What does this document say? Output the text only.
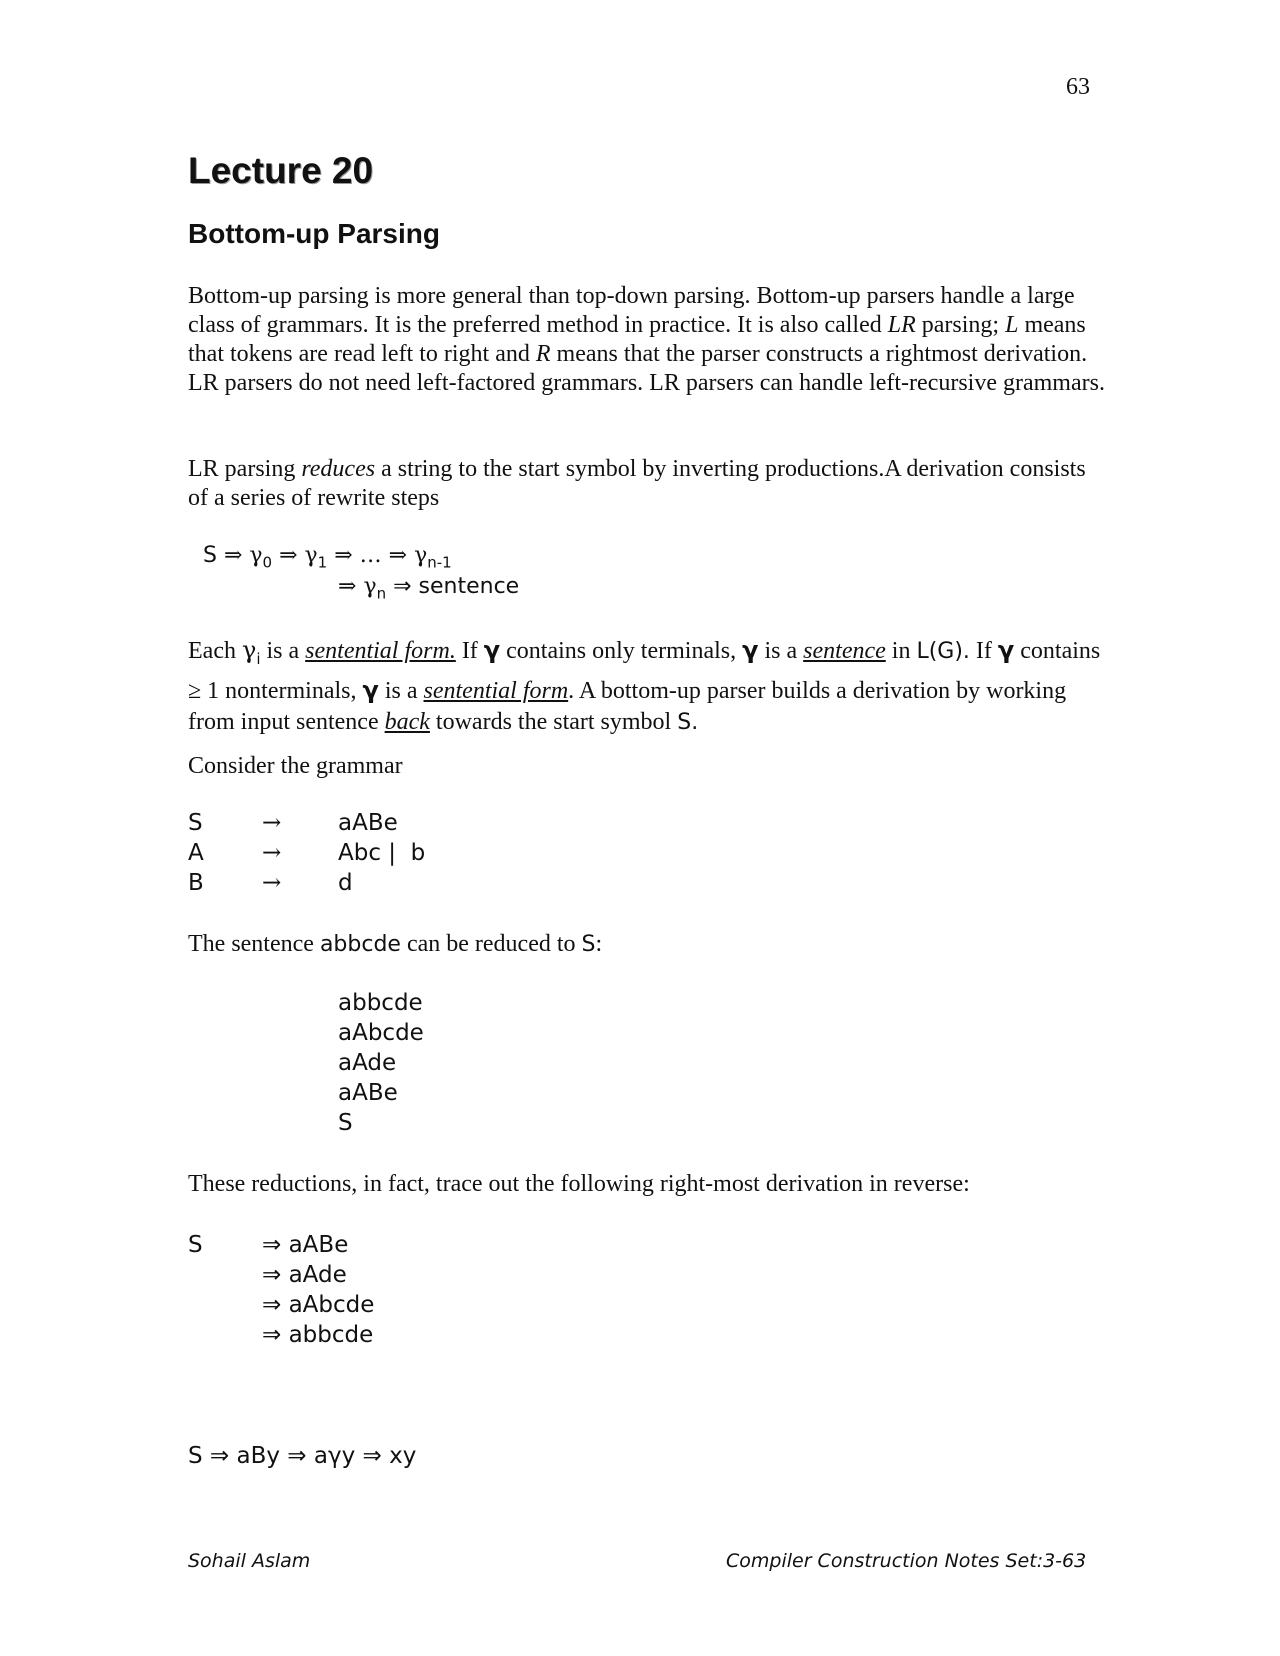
63
Lecture 20
Bottom-up Parsing
Bottom-up parsing is more general than top-down parsing. Bottom-up parsers handle a large class of grammars. It is the preferred method in practice. It is also called LR parsing; L means that tokens are read left to right and R means that the parser constructs a rightmost derivation. LR parsers do not need left-factored grammars. LR parsers can handle left-recursive grammars.
LR parsing reduces a string to the start symbol by inverting productions.A derivation consists of a series of rewrite steps
S ⇒ $\gamma_0$ ⇒ $\gamma_1$ ⇒ … ⇒ $\gamma_{n-1}$
⇒ $\gamma_n$ ⇒ sentence
Each $\gamma_i$ is a sentential form. If γ contains only terminals, γ is a sentence in L(G). If γ contains ≥ 1 nonterminals, γ is a sentential form. A bottom-up parser builds a derivation by working from input sentence back towards the start symbol S.
Consider the grammar
S	→ aABe
A	→ Abc |  b
B	→ d
The sentence abbcde can be reduced to S:
abbcde
aAbcde
aAde
aABe
S
These reductions, in fact, trace out the following right-most derivation in reverse:
S	⇒ aABe
⇒ aAde
⇒ aAbcde
⇒ abbcde
S ⇒ aBy ⇒ aγy ⇒ xy
Sohail Aslam	Compiler Construction Notes Set:3-63
